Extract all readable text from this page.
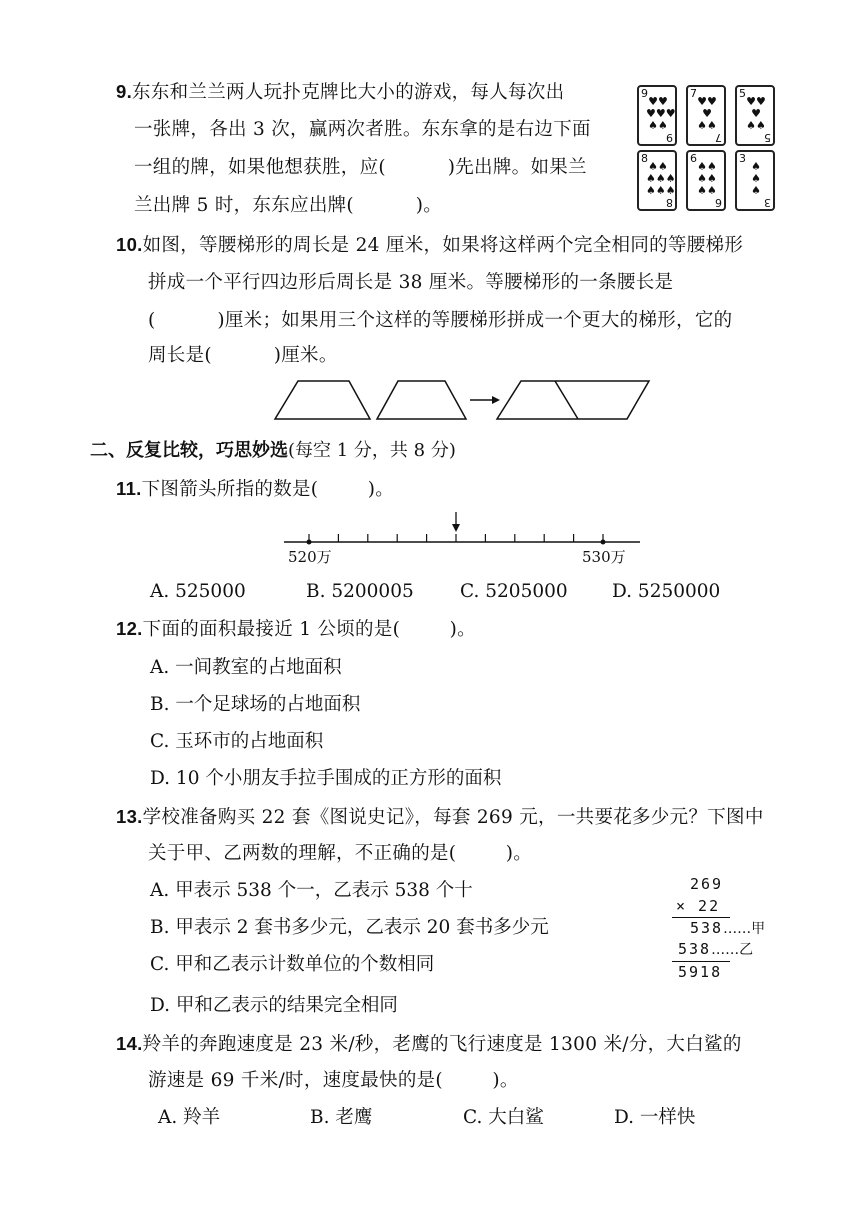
9.东东和兰兰两人玩扑克牌比大小的游戏，每人每次出
一张牌，各出 3 次，赢两次者胜。东东拿的是右边下面
一组的牌，如果他想获胜，应(          )先出牌。如果兰
兰出牌 5 时，东东应出牌(          )。
9
♥♥
♥♥♥
♠♠
9
7
♥♥
♥
♠♠
7
5
♥♥
♥
♠♠
5
8
♠♠
♠♠♠
♠♠♠
8
6
♠♠
♠♠
♠♠
6
3
♠
♠
♠
3
10.如图，等腰梯形的周长是 24 厘米，如果将这样两个完全相同的等腰梯形
拼成一个平行四边形后周长是 38 厘米。等腰梯形的一条腰长是
(          )厘米；如果用三个这样的等腰梯形拼成一个更大的梯形，它的
周长是(          )厘米。
二、反复比较，巧思妙选(每空 1 分，共 8 分)
11.下图箭头所指的数是(        )。
520万	530万
A. 525000	B. 5200005	C. 5205000 D. 5250000
12.下面的面积最接近 1 公顷的是(        )。
A. 一间教室的占地面积
B. 一个足球场的占地面积
C. 玉环市的占地面积
D. 10 个小朋友手拉手围成的正方形的面积
13.学校准备购买 22 套《图说史记》，每套 269 元，一共要花多少元？下图中
关于甲、乙两数的理解，不正确的是(        )。
A. 甲表示 538 个一，乙表示 538 个十
B. 甲表示 2 套书多少元，乙表示 20 套书多少元
C. 甲和乙表示计数单位的个数相同
D. 甲和乙表示的结果完全相同
269
× 22
538……甲
538……乙
5918
14.羚羊的奔跑速度是 23 米/秒，老鹰的飞行速度是 1300 米/分，大白鲨的
游速是 69 千米/时，速度最快的是(        )。
A. 羚羊	B. 老鹰	C. 大白鲨	D. 一样快
